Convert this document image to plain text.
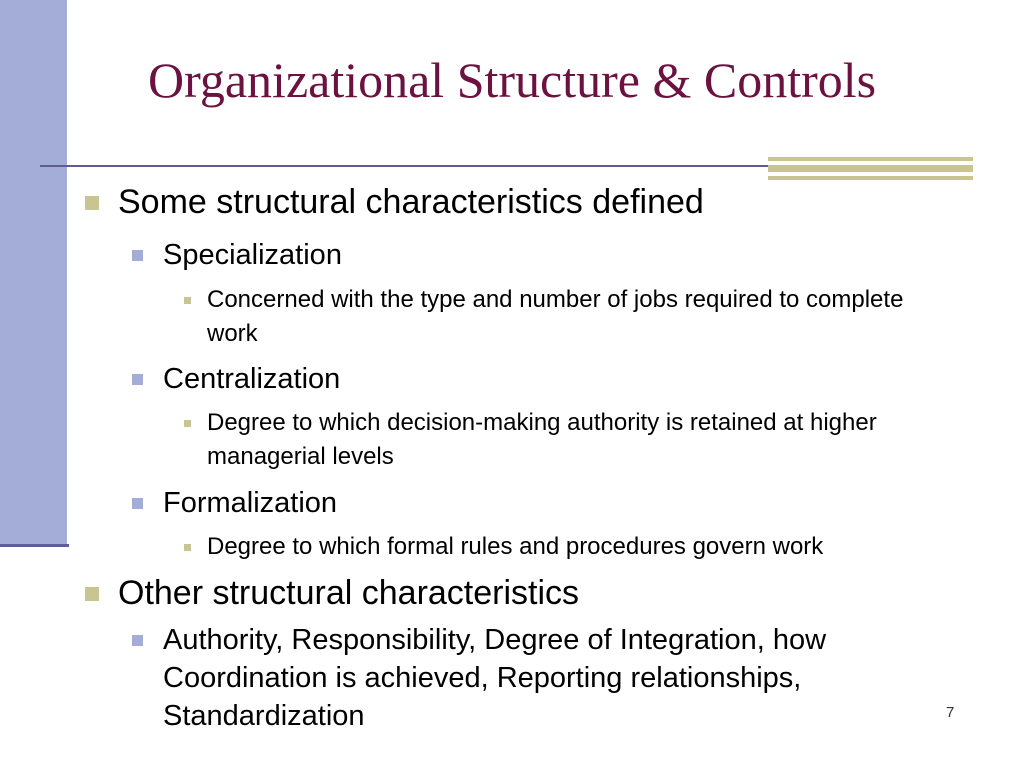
Organizational Structure & Controls
Some structural characteristics defined
Specialization
Concerned with the type and number of jobs required to complete work
Centralization
Degree to which decision-making authority is retained at higher managerial levels
Formalization
Degree to which formal rules and procedures govern work
Other structural characteristics
Authority, Responsibility, Degree of Integration, how Coordination is achieved, Reporting relationships, Standardization	7
